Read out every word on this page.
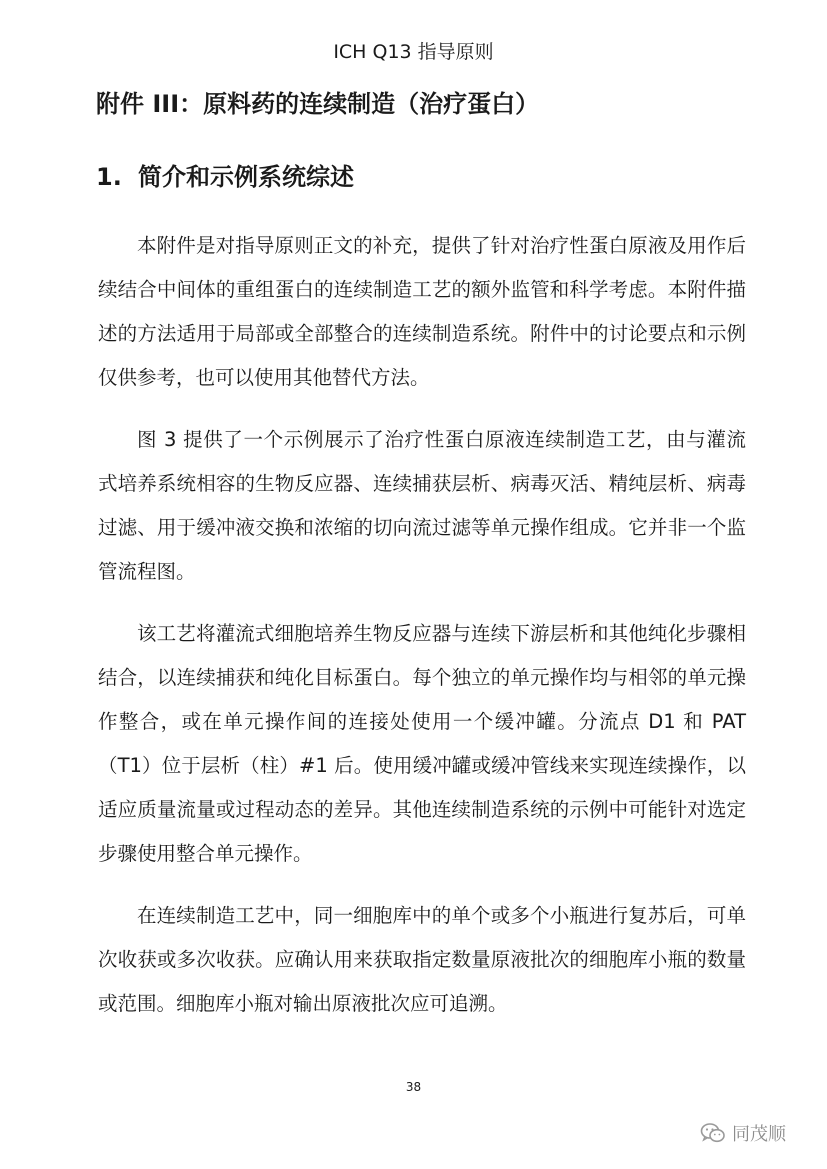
ICH Q13 指导原则
附件 III：原料药的连续制造（治疗蛋白）
1. 简介和示例系统综述

本附件是对指导原则正文的补充，提供了针对治疗性蛋白原液及用作后续结合中间体的重组蛋白的连续制造工艺的额外监管和科学考虑。本附件描述的方法适用于局部或全部整合的连续制造系统。附件中的讨论要点和示例仅供参考，也可以使用其他替代方法。

图 3 提供了一个示例展示了治疗性蛋白原液连续制造工艺，由与灌流式培养系统相容的生物反应器、连续捕获层析、病毒灭活、精纯层析、病毒过滤、用于缓冲液交换和浓缩的切向流过滤等单元操作组成。它并非一个监管流程图。

该工艺将灌流式细胞培养生物反应器与连续下游层析和其他纯化步骤相结合，以连续捕获和纯化目标蛋白。每个独立的单元操作均与相邻的单元操作整合，或在单元操作间的连接处使用一个缓冲罐。分流点 D1 和 PAT（T1）位于层析（柱）#1 后。使用缓冲罐或缓冲管线来实现连续操作，以适应质量流量或过程动态的差异。其他连续制造系统的示例中可能针对选定步骤使用整合单元操作。

在连续制造工艺中，同一细胞库中的单个或多个小瓶进行复苏后，可单次收获或多次收获。应确认用来获取指定数量原液批次的细胞库小瓶的数量或范围。细胞库小瓶对输出原液批次应可追溯。

38
同茂顺
